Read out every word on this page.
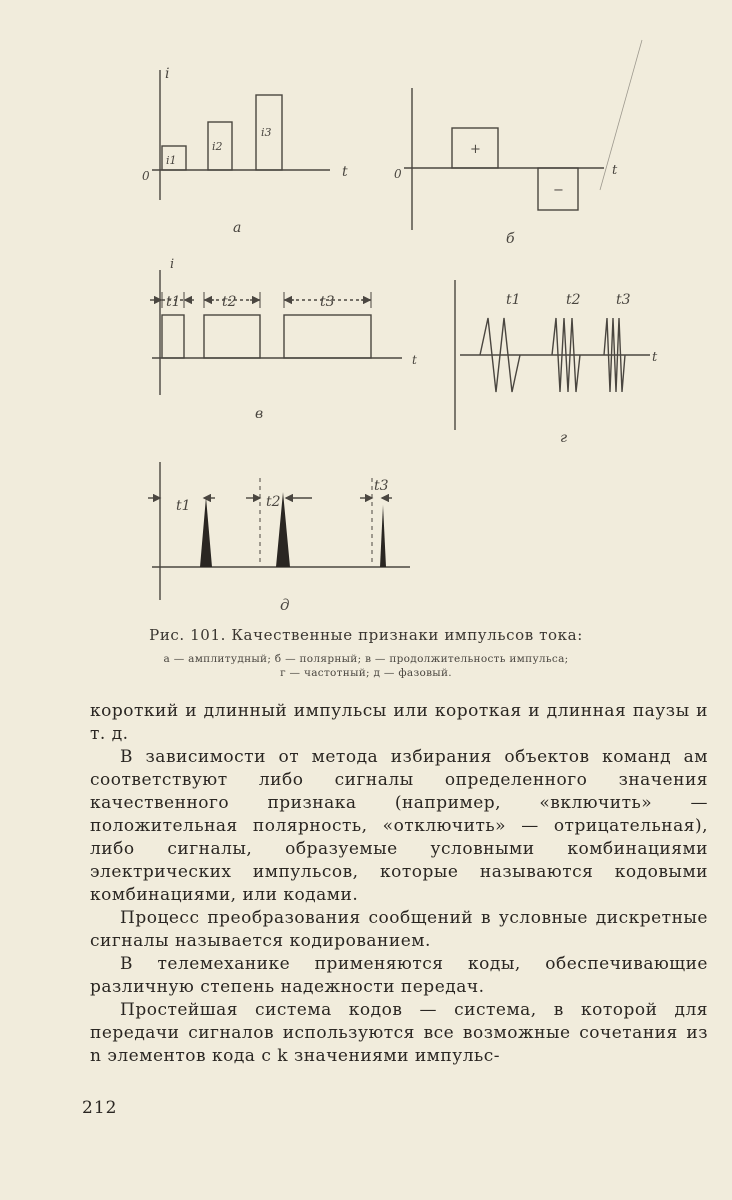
i
t
0
i1
i2
i3
а
t
0
+
−
б
i
t
t1	t2	t3
в
t
t1	t2	t3
г
t1	t2
t3
д
Рис. 101. Качественные признаки импульсов тока:
а — амплитудный; б — полярный; в — продолжительность импульса;
г — частотный; д — фазовый.

короткий и длинный импульсы или короткая и длинная паузы и т. д.

В зависимости от метода избирания объектов команд ам соответствуют либо сигналы определенного значения качественного признака (например, «включить» — положительная полярность, «отключить» — отрицательная), либо сигналы, образуемые условными комбинациями электрических импульсов, которые называются кодовыми комбинациями, или кодами.

Процесс преобразования сообщений в условные дискретные сигналы называется кодированием.

В телемеханике применяются коды, обеспечивающие различную степень надежности передач.

Простейшая система кодов — система, в которой для передачи сигналов используются все возможные сочетания из n элементов кода с k значениями импульс-

212
